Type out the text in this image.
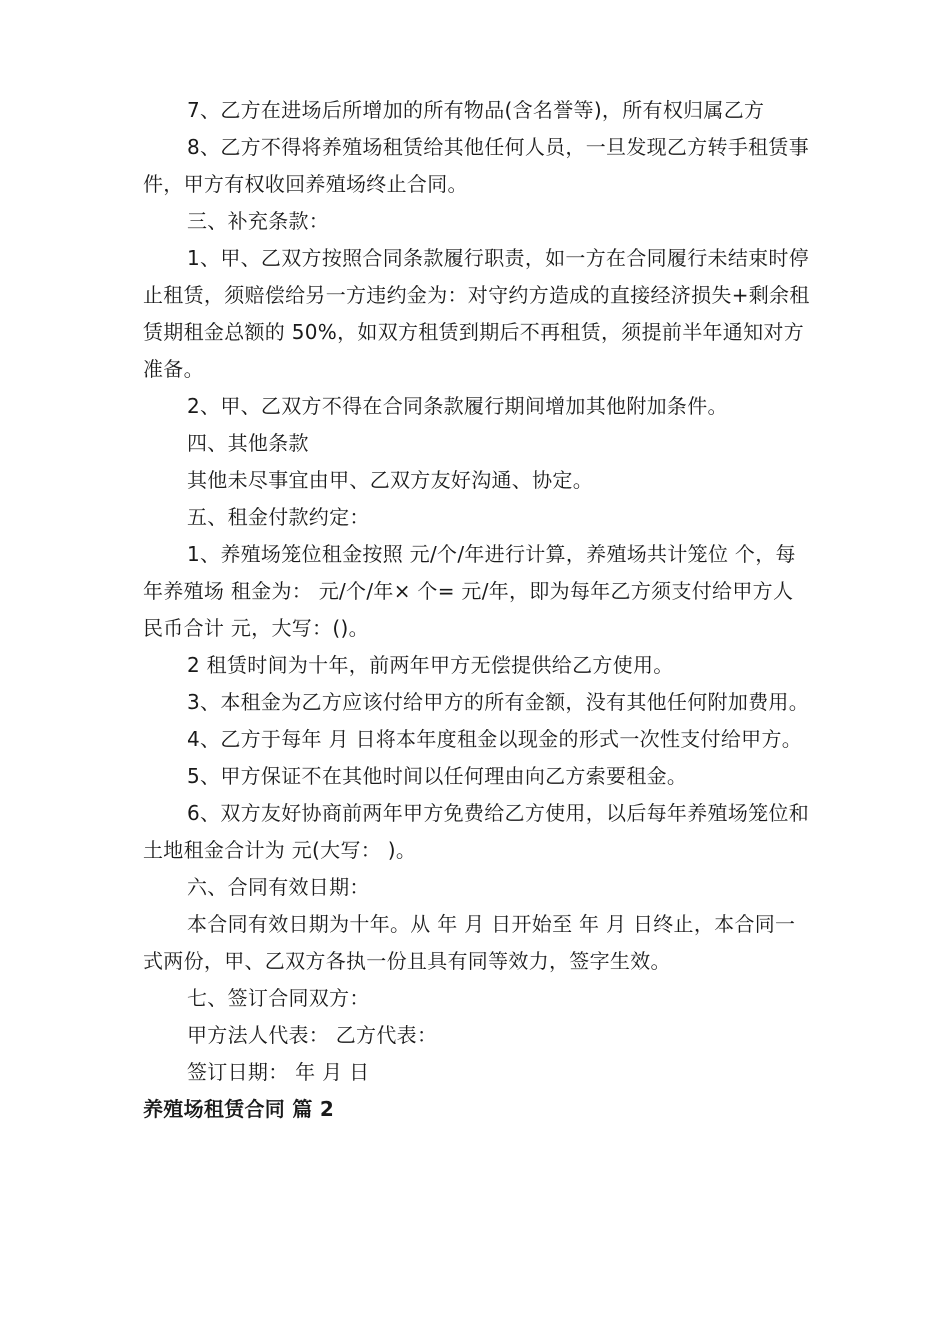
7、乙方在进场后所增加的所有物品(含名誉等)，所有权归属乙方

8、乙方不得将养殖场租赁给其他任何人员，一旦发现乙方转手租赁事件，甲方有权收回养殖场终止合同。

三、补充条款：

1、甲、乙双方按照合同条款履行职责，如一方在合同履行未结束时停止租赁，须赔偿给另一方违约金为：对守约方造成的直接经济损失+剩余租赁期租金总额的 50%，如双方租赁到期后不再租赁，须提前半年通知对方准备。

2、甲、乙双方不得在合同条款履行期间增加其他附加条件。

四、其他条款

其他未尽事宜由甲、乙双方友好沟通、协定。

五、租金付款约定：

1、养殖场笼位租金按照 元/个/年进行计算，养殖场共计笼位 个，每年养殖场 租金为： 元/个/年× 个= 元/年，即为每年乙方须支付给甲方人民币合计 元，大写：()。

2 租赁时间为十年，前两年甲方无偿提供给乙方使用。

3、本租金为乙方应该付给甲方的所有金额，没有其他任何附加费用。

4、乙方于每年 月 日将本年度租金以现金的形式一次性支付给甲方。

5、甲方保证不在其他时间以任何理由向乙方索要租金。

6、双方友好协商前两年甲方免费给乙方使用，以后每年养殖场笼位和土地租金合计为 元(大写： )。

六、合同有效日期：

本合同有效日期为十年。从 年 月 日开始至 年 月 日终止，本合同一式两份，甲、乙双方各执一份且具有同等效力，签字生效。

七、签订合同双方：

甲方法人代表： 乙方代表：

签订日期： 年 月 日

养殖场租赁合同 篇 2
